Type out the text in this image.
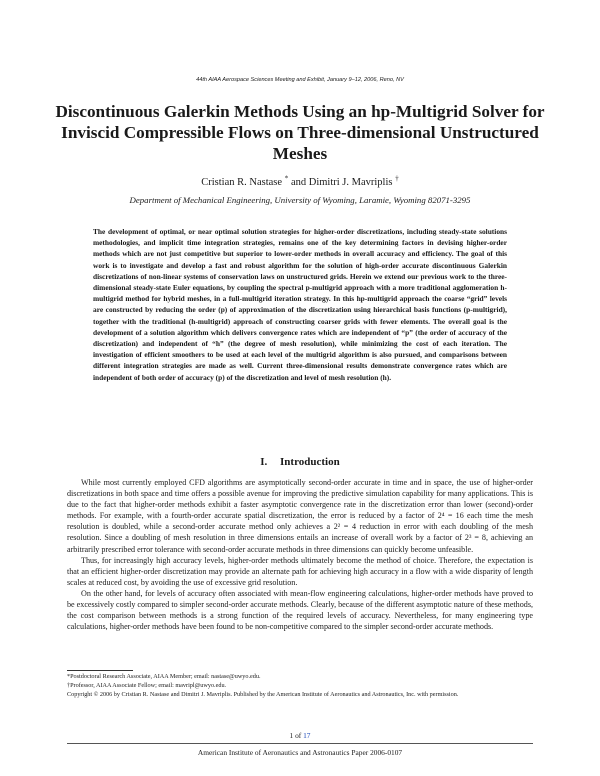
44th AIAA Aerospace Sciences Meeting and Exhibit, January 9–12, 2006, Reno, NV
Discontinuous Galerkin Methods Using an hp-Multigrid Solver for Inviscid Compressible Flows on Three-dimensional Unstructured Meshes
Cristian R. Nastase * and Dimitri J. Mavriplis †
Department of Mechanical Engineering, University of Wyoming, Laramie, Wyoming 82071-3295

The development of optimal, or near optimal solution strategies for higher-order discretizations, including steady-state solutions methodologies, and implicit time integration strategies, remains one of the key determining factors in devising higher-order methods which are not just competitive but superior to lower-order methods in overall accuracy and efficiency. The goal of this work is to investigate and develop a fast and robust algorithm for the solution of high-order accurate discontinuous Galerkin discretizations of non-linear systems of conservation laws on unstructured grids. Herein we extend our previous work to the three-dimensional steady-state Euler equations, by coupling the spectral p-multigrid approach with a more traditional agglomeration h-multigrid method for hybrid meshes, in a full-multigrid iteration strategy. In this hp-multigrid approach the coarse “grid” levels are constructed by reducing the order (p) of approximation of the discretization using hierarchical basis functions (p-multigrid), together with the traditional (h-multigrid) approach of constructing coarser grids with fewer elements. The overall goal is the development of a solution algorithm which delivers convergence rates which are independent of “p” (the order of accuracy of the discretization) and independent of “h” (the degree of mesh resolution), while minimizing the cost of each iteration. The investigation of efficient smoothers to be used at each level of the multigrid algorithm is also pursued, and comparisons between different integration strategies are made as well. Current three-dimensional results demonstrate convergence rates which are independent of both order of accuracy (p) of the discretization and level of mesh resolution (h).

I. Introduction

While most currently employed CFD algorithms are asymptotically second-order accurate in time and in space, the use of higher-order discretizations in both space and time offers a possible avenue for improving the predictive simulation capability for many applications. This is due to the fact that higher-order methods exhibit a faster asymptotic convergence rate in the discretization error than lower (second)-order methods. For example, with a fourth-order accurate spatial discretization, the error is reduced by a factor of 2⁴ = 16 each time the mesh resolution is doubled, while a second-order accurate method only achieves a 2² = 4 reduction in error with each doubling of the mesh resolution. Since a doubling of mesh resolution in three dimensions entails an increase of overall work by a factor of 2³ = 8, achieving an arbitrarily prescribed error tolerance with second-order accurate methods in three dimensions can quickly become unfeasible.

Thus, for increasingly high accuracy levels, higher-order methods ultimately become the method of choice. Therefore, the expectation is that an efficient higher-order discretization may provide an alternate path for achieving high accuracy in a flow with a wide disparity of length scales at reduced cost, by avoiding the use of excessive grid resolution.

On the other hand, for levels of accuracy often associated with mean-flow engineering calculations, higher-order methods have proved to be excessively costly compared to simpler second-order accurate methods. Clearly, because of the different asymptotic nature of these methods, the cost comparison between methods is a strong function of the required levels of accuracy. Nevertheless, for many engineering type calculations, higher-order methods have been found to be non-competitive compared to the simpler second-order accurate methods.

*Postdoctoral Research Associate, AIAA Member; email: nastase@uwyo.edu.
†Professor, AIAA Associate Fellow; email: mavripl@uwyo.edu.
Copyright © 2006 by Cristian R. Nastase and Dimitri J. Mavriplis. Published by the American Institute of Aeronautics and Astronautics, Inc. with permission.
1 of 17
American Institute of Aeronautics and Astronautics Paper 2006-0107
